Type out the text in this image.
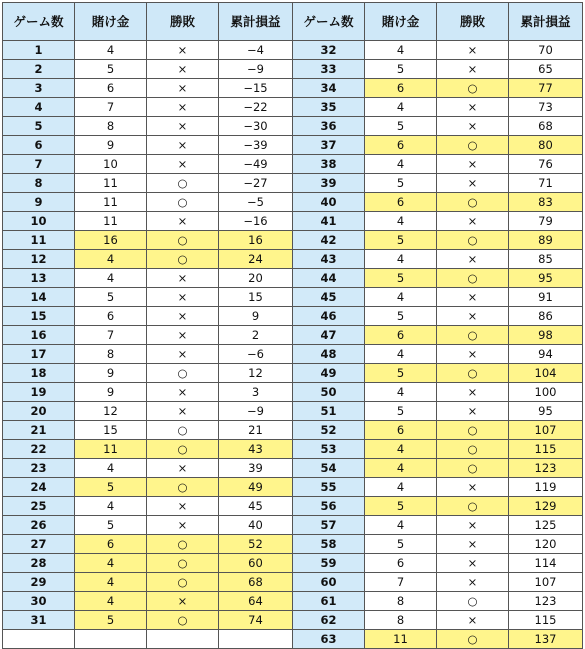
ゲーム数	賭け金	勝敗	累計損益	ゲーム数	賭け金	勝敗	累計損益
1	4	×	−4	32	4	×	70
2	5	×	−9	33	5	×	65
3	6	×	−15	34	6	○	77
4	7	×	−22	35	4	×	73
5	8	×	−30	36	5	×	68
6	9	×	−39	37	6	○	80
7	10	×	−49	38	4	×	76
8	11	○	−27	39	5	×	71
9	11	○	−5	40	6	○	83
10	11	×	−16	41	4	×	79
11	16	○	16	42	5	○	89
12	4	○	24	43	4	×	85
13	4	×	20	44	5	○	95
14	5	×	15	45	4	×	91
15	6	×	9	46	5	×	86
16	7	×	2	47	6	○	98
17	8	×	−6	48	4	×	94
18	9	○	12	49	5	○	104
19	9	×	3	50	4	×	100
20	12	×	−9	51	5	×	95
21	15	○	21	52	6	○	107
22	11	○	43	53	4	○	115
23	4	×	39	54	4	○	123
24	5	○	49	55	4	×	119
25	4	×	45	56	5	○	129
26	5	×	40	57	4	×	125
27	6	○	52	58	5	×	120
28	4	○	60	59	6	×	114
29	4	○	68	60	7	×	107
30	4	×	64	61	8	○	123
31	5	○	74	62	8	×	115
				63	11	○	137
